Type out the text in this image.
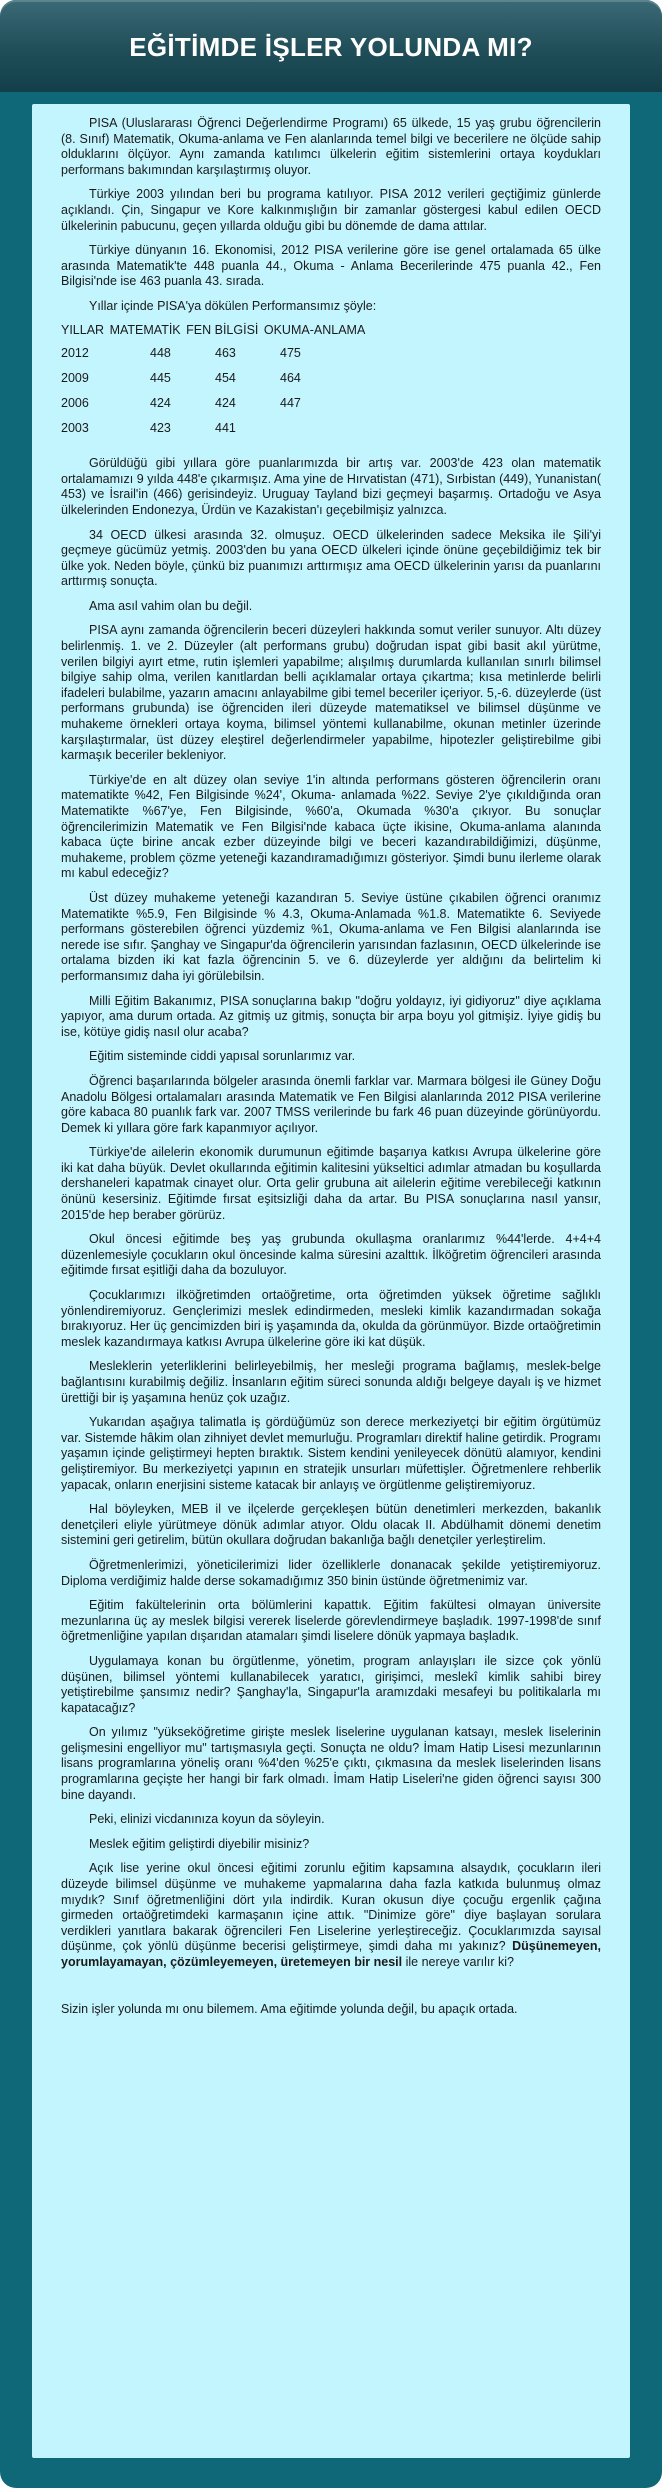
EĞİTİMDE İŞLER YOLUNDA MI?

PISA (Uluslararası Öğrenci Değerlendirme Programı) 65 ülkede, 15 yaş grubu öğrencilerin (8. Sınıf) Matematik, Okuma-anlama ve Fen alanlarında temel bilgi ve becerilere ne ölçüde sahip olduklarını ölçüyor. Aynı zamanda katılımcı ülkelerin eğitim sistemlerini ortaya koydukları performans bakımından karşılaştırmış oluyor.

Türkiye 2003 yılından beri bu programa katılıyor. PISA 2012 verileri geçtiğimiz günlerde açıklandı. Çin, Singapur ve Kore kalkınmışlığın bir zamanlar göstergesi kabul edilen OECD ülkelerinin pabucunu, geçen yıllarda olduğu gibi bu dönemde de dama attılar.

Türkiye dünyanın 16. Ekonomisi, 2012 PISA verilerine göre ise genel ortalamada 65 ülke arasında Matematik'te 448 puanla 44., Okuma - Anlama Becerilerinde 475 puanla 42., Fen Bilgisi'nde ise 463 puanla 43. sırada.

Yıllar içinde PISA'ya dökülen Performansımız şöyle:

YILLAR MATEMATİK FEN BİLGİSİ OKUMA-ANLAMA
2012	448	463	475
2009	445	454	464
2006	424	424	447
2003	423	441	

Görüldüğü gibi yıllara göre puanlarımızda bir artış var. 2003'de 423 olan matematik ortalamamızı 9 yılda 448'e çıkarmışız. Ama yine de Hırvatistan (471), Sırbistan (449), Yunanistan( 453) ve İsrail'in (466) gerisindeyiz. Uruguay Tayland bizi geçmeyi başarmış. Ortadoğu ve Asya ülkelerinden Endonezya, Ürdün ve Kazakistan'ı geçebilmişiz yalnızca.

34 OECD ülkesi arasında 32. olmuşuz. OECD ülkelerinden sadece Meksika ile Şili'yi geçmeye gücümüz yetmiş. 2003'den bu yana OECD ülkeleri içinde önüne geçebildiğimiz tek bir ülke yok. Neden böyle, çünkü biz puanımızı arttırmışız ama OECD ülkelerinin yarısı da puanlarını arttırmış sonuçta.

Ama asıl vahim olan bu değil.

PISA aynı zamanda öğrencilerin beceri düzeyleri hakkında somut veriler sunuyor. Altı düzey belirlenmiş. 1. ve 2. Düzeyler (alt performans grubu) doğrudan ispat gibi basit akıl yürütme, verilen bilgiyi ayırt etme, rutin işlemleri yapabilme; alışılmış durumlarda kullanılan sınırlı bilimsel bilgiye sahip olma, verilen kanıtlardan belli açıklamalar ortaya çıkartma; kısa metinlerde belirli ifadeleri bulabilme, yazarın amacını anlayabilme gibi temel beceriler içeriyor. 5,-6. düzeylerde (üst performans grubunda) ise öğrenciden ileri düzeyde matematiksel ve bilimsel düşünme ve muhakeme örnekleri ortaya koyma, bilimsel yöntemi kullanabilme, okunan metinler üzerinde karşılaştırmalar, üst düzey eleştirel değerlendirmeler yapabilme, hipotezler geliştirebilme gibi karmaşık beceriler bekleniyor.

Türkiye'de en alt düzey olan seviye 1'in altında performans gösteren öğrencilerin oranı matematikte %42, Fen Bilgisinde %24', Okuma- anlamada %22. Seviye 2'ye çıkıldığında oran Matematikte %67'ye, Fen Bilgisinde, %60'a, Okumada %30'a çıkıyor. Bu sonuçlar öğrencilerimizin Matematik ve Fen Bilgisi'nde kabaca üçte ikisine, Okuma-anlama alanında kabaca üçte birine ancak ezber düzeyinde bilgi ve beceri kazandırabildiğimizi, düşünme, muhakeme, problem çözme yeteneği kazandıramadığımızı gösteriyor. Şimdi bunu ilerleme olarak mı kabul edeceğiz?

Üst düzey muhakeme yeteneği kazandıran 5. Seviye üstüne çıkabilen öğrenci oranımız Matematikte %5.9, Fen Bilgisinde % 4.3, Okuma-Anlamada %1.8. Matematikte 6. Seviyede performans gösterebilen öğrenci yüzdemiz %1, Okuma-anlama ve Fen Bilgisi alanlarında ise nerede ise sıfır. Şanghay ve Singapur'da öğrencilerin yarısından fazlasının, OECD ülkelerinde ise ortalama bizden iki kat fazla öğrencinin 5. ve 6. düzeylerde yer aldığını da belirtelim ki performansımız daha iyi görülebilsin.

Milli Eğitim Bakanımız, PISA sonuçlarına bakıp "doğru yoldayız, iyi gidiyoruz" diye açıklama yapıyor, ama durum ortada. Az gitmiş uz gitmiş, sonuçta bir arpa boyu yol gitmişiz. İyiye gidiş bu ise, kötüye gidiş nasıl olur acaba?

Eğitim sisteminde ciddi yapısal sorunlarımız var.

Öğrenci başarılarında bölgeler arasında önemli farklar var. Marmara bölgesi ile Güney Doğu Anadolu Bölgesi ortalamaları arasında Matematik ve Fen Bilgisi alanlarında 2012 PISA verilerine göre kabaca 80 puanlık fark var. 2007 TMSS verilerinde bu fark 46 puan düzeyinde görünüyordu. Demek ki yıllara göre fark kapanmıyor açılıyor.

Türkiye'de ailelerin ekonomik durumunun eğitimde başarıya katkısı Avrupa ülkelerine göre iki kat daha büyük. Devlet okullarında eğitimin kalitesini yükseltici adımlar atmadan bu koşullarda dershaneleri kapatmak cinayet olur. Orta gelir grubuna ait ailelerin eğitime verebileceği katkının önünü kesersiniz. Eğitimde fırsat eşitsizliği daha da artar. Bu PISA sonuçlarına nasıl yansır, 2015'de hep beraber görürüz.

Okul öncesi eğitimde beş yaş grubunda okullaşma oranlarımız %44'lerde. 4+4+4 düzenlemesiyle çocukların okul öncesinde kalma süresini azalttık. İlköğretim öğrencileri arasında eğitimde fırsat eşitliği daha da bozuluyor.

Çocuklarımızı ilköğretimden ortaöğretime, orta öğretimden yüksek öğretime sağlıklı yönlendiremiyoruz. Gençlerimizi meslek edindirmeden, mesleki kimlik kazandırmadan sokağa bırakıyoruz. Her üç gencimizden biri iş yaşamında da, okulda da görünmüyor. Bizde ortaöğretimin meslek kazandırmaya katkısı Avrupa ülkelerine göre iki kat düşük.

Mesleklerin yeterliklerini belirleyebilmiş, her mesleği programa bağlamış, meslek-belge bağlantısını kurabilmiş değiliz. İnsanların eğitim süreci sonunda aldığı belgeye dayalı iş ve hizmet ürettiği bir iş yaşamına henüz çok uzağız.

Yukarıdan aşağıya talimatla iş gördüğümüz son derece merkeziyetçi bir eğitim örgütümüz var. Sistemde hâkim olan zihniyet devlet memurluğu. Programları direktif haline getirdik. Programı yaşamın içinde geliştirmeyi hepten bıraktık. Sistem kendini yenileyecek dönütü alamıyor, kendini geliştiremiyor. Bu merkeziyetçi yapının en stratejik unsurları müfettişler. Öğretmenlere rehberlik yapacak, onların enerjisini sisteme katacak bir anlayış ve örgütlenme geliştiremiyoruz.

Hal böyleyken, MEB il ve ilçelerde gerçekleşen bütün denetimleri merkezden, bakanlık denetçileri eliyle yürütmeye dönük adımlar atıyor. Oldu olacak II. Abdülhamit dönemi denetim sistemini geri getirelim, bütün okullara doğrudan bakanlığa bağlı denetçiler yerleştirelim.

Öğretmenlerimizi, yöneticilerimizi lider özelliklerle donanacak şekilde yetiştiremiyoruz. Diploma verdiğimiz halde derse sokamadığımız 350 binin üstünde öğretmenimiz var.

Eğitim fakültelerinin orta bölümlerini kapattık. Eğitim fakültesi olmayan üniversite mezunlarına üç ay meslek bilgisi vererek liselerde görevlendirmeye başladık. 1997-1998'de sınıf öğretmenliğine yapılan dışarıdan atamaları şimdi liselere dönük yapmaya başladık.

Uygulamaya konan bu örgütlenme, yönetim, program anlayışları ile sizce çok yönlü düşünen, bilimsel yöntemi kullanabilecek yaratıcı, girişimci, meslekî kimlik sahibi birey yetiştirebilme şansımız nedir? Şanghay'la, Singapur'la aramızdaki mesafeyi bu politikalarla mı kapatacağız?

On yılımız "yükseköğretime girişte meslek liselerine uygulanan katsayı, meslek liselerinin gelişmesini engelliyor mu" tartışmasıyla geçti. Sonuçta ne oldu? İmam Hatip Lisesi mezunlarının lisans programlarına yöneliş oranı %4'den %25'e çıktı, çıkmasına da meslek liselerinden lisans programlarına geçişte her hangi bir fark olmadı. İmam Hatip Liseleri'ne giden öğrenci sayısı 300 bine dayandı.

Peki, elinizi vicdanınıza koyun da söyleyin.

Meslek eğitim geliştirdi diyebilir misiniz?

Açık lise yerine okul öncesi eğitimi zorunlu eğitim kapsamına alsaydık, çocukların ileri düzeyde bilimsel düşünme ve muhakeme yapmalarına daha fazla katkıda bulunmuş olmaz mıydık? Sınıf öğretmenliğini dört yıla indirdik. Kuran okusun diye çocuğu ergenlik çağına girmeden ortaöğretimdeki karmaşanın içine attık. "Dinimize göre" diye başlayan sorulara verdikleri yanıtlara bakarak öğrencileri Fen Liselerine yerleştireceğiz. Çocuklarımızda sayısal düşünme, çok yönlü düşünme becerisi geliştirmeye, şimdi daha mı yakınız? Düşünemeyen, yorumlayamayan, çözümleyemeyen, üretemeyen bir nesil ile nereye varılır ki?

Sizin işler yolunda mı onu bilemem. Ama eğitimde yolunda değil, bu apaçık ortada.
